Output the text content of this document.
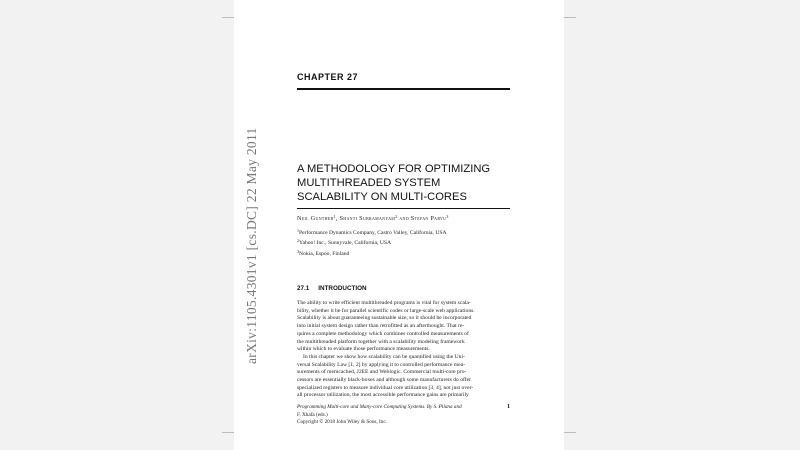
arXiv:1105.4301v1 [cs.DC] 22 May 2011
CHAPTER 27
A METHODOLOGY FOR OPTIMIZING
MULTITHREADED SYSTEM
SCALABILITY ON MULTI-CORES
Neil Gunther$^1$, Shanti Subramanyam$^2$ and Stefan Parvu$^3$
$^1$Performance Dynamics Company, Castro Valley, California, USA
$^2$Yahoo! Inc., Sunnyvale, California, USA
$^3$Nokia, Espoo, Finland
27.1 INTRODUCTION
The ability to write efficient multithreaded programs is vital for system scala-
bility, whether it be for parallel scientific codes or large-scale web applications.
Scalability is about guaranteeing sustainable size, so it should be incorporated
into initial system design rather than retrofitted as an afterthought. That re-
quires a complete methodology which combines controlled measurements of
the multithreaded platform together with a scalability modeling framework
within which to evaluate those performance measurements.
In this chapter we show how scalability can be quantified using the Uni-
versal Scalability Law [1, 2] by applying it to controlled performance mea-
surements of memcached, J2EE and Weblogic. Commercial multi-core pro-
cessors are essentially black-boxes and although some manufacturers do offer
specialized registers to measure individual core utilization [3, 4], not just over-
all processor utilization, the most accessible performance gains are primarily
Programming Multi-core and Many-core Computing Systems. By S. Pllana and
F. Xhafa (eds.)
Copyright © 2018 John Wiley & Sons, Inc.
1
